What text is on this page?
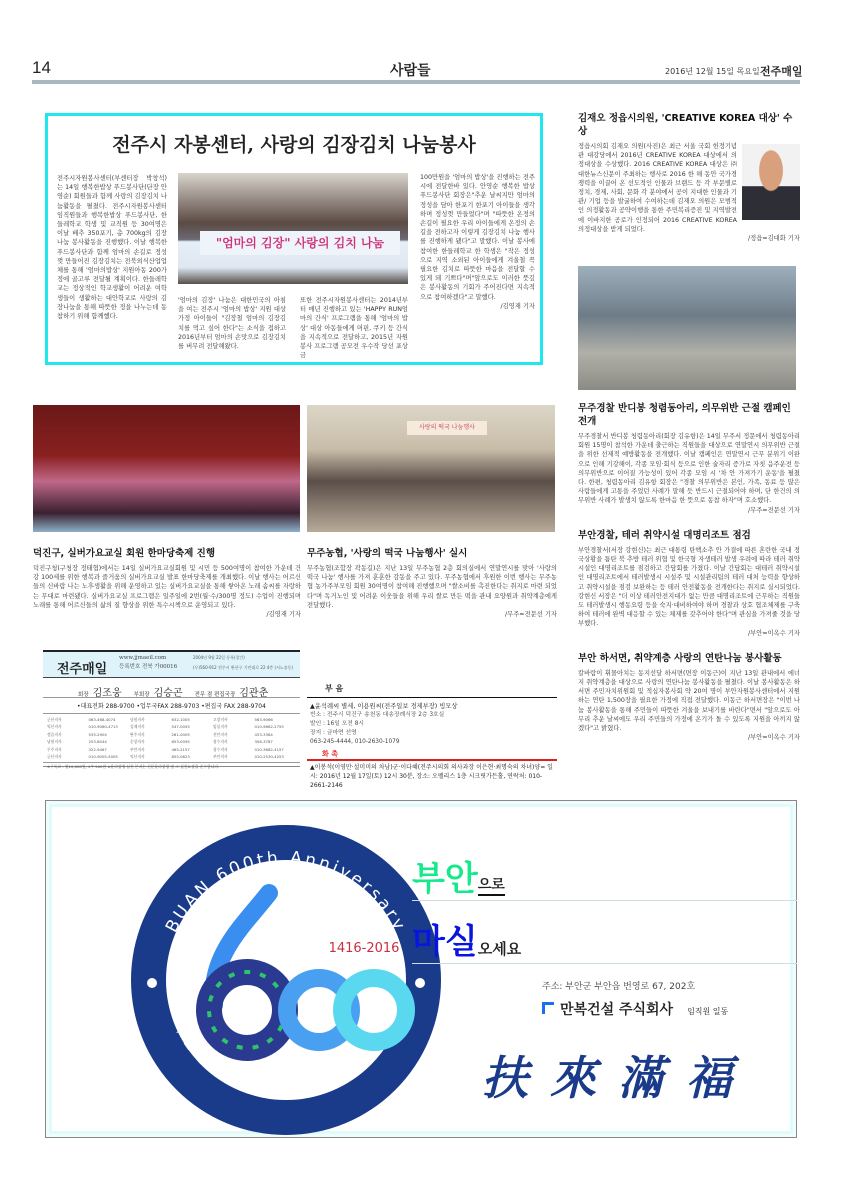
14	사람들	2016년 12월 15일 목요일 전주매일
전주시 자봉센터, 사랑의 김장김치 나눔봉사
전주시자원봉사센터(부센터장 박창석)는 14일 행복한밥상 푸드봉사단(단장 안영순) 회원들과 함께 사랑의 김장김치 나눔활동을 펼쳤다. 전주시자원봉사센터 임직원들과 행복한밥상 푸드봉사단, 한들레학교 학생 및 교직원 등 30여명은 이날 배추 350포기, 총 700kg의 김장나눔 봉사활동을 진행했다. 이날 행복한푸드봉사단과 함께 엄마의 손길로 정성껏 만들어진 김장김치는 전북외식산업업체를 통해 '엄마의밥상' 지원아동 200가정에 골고루 전달될 계획이다. 한들레학교는 정상적인 학교생활이 어려운 여학생들이 생활하는 대안학교로 사랑의 김장나눔을 통해 따뜻한 정을 나누는데 동참하기 위해 함께했다.
"엄마의 김장" 사랑의 김치 나눔
'엄마의 김장' 나눔은 대한민국의 아침을 여는 전주시 '엄마의 밥상' 지원 대상 가정 아이들이 "김장철 엄마의 김장김치를 먹고 싶어 한다"는 소식을 접하고 2016년부터 엄마의 손맛으로 김장김치를 버무려 전달해왔다.
또한 전주시자원봉사센터는 2014년부터 매년 진행하고 있는 'HAPPY RUN엄마의 간식' 프로그램을 통해 '엄마의 밥상' 대상 아동들에게 머핀, 쿠키 등 간식을 지속적으로 전달하고, 2015년 자원봉사 프로그램 공모전 우수작 당선 포상금
100만원을 '엄마의 밥상'을 진행하는 전주시에 전달한바 있다. 안영순 행복한 밥상 푸드봉사단 회장은"추운 날씨지만 엄마의 정성을 담아 한포기 한포기 아이들을 생각하며 정성껏 만들었다"며 "따뜻한 온정의 손길이 필요한 우리 아이들에게 온정의 손길을 전하고자 이렇게 김장김치 나눔 행사를 진행하게 됐다"고 말했다. 이날 봉사에 참여한 한들레학교 한 학생은 "작은 정성으로 지역 소외된 아이들에게 겨울철 꼭 필요한 김치로 따뜻한 마음을 전달할 수 있게 돼 기쁘다"며"앞으로도 이러한 뜻깊은 봉사활동의 기회가 주어진다면 지속적으로 참여하겠다"고 말했다.
/김영재 기자
김재오 정읍시의원, 'CREATIVE KOREA 대상' 수상
정읍시의회 김재오 의원(사진)은 최근 서울 국회 헌정기념관 대강당에서 2016년 CREATIVE KOREA 대상에서 의정대상을 수상했다. 2016 CREATIVE KOREA 대상은 ㈜대한뉴스신문이 주최하는 행사로 2016 한 해 동안 국가경쟁력을 이끌어 온 선도적인 인물과 브랜드 등 각 부문별로 정치, 경제, 사회, 문화 각 분야에서 공이 지대한 인물과 기관/ 기업 등을 발굴하여 수여하는데 김재오 의원은 모범적인 의정활동과 공약이행을 통한 주민복리증진 및 지역발전에 이바지한 공로가 인정되어 2016 CREATIVE KOREA 의정대상을 받게 되었다.
/정읍=김대화 기자
무주경찰 반디봉 청렴동아리, 의무위반 근절 캠페인 전개
무주경찰서 반디봉 청렴동아리(회장 김유항)은 14일 무주서 정문에서 청렴동아리 회원 15명이 참석한 가운데 출근하는 직원들을 대상으로 연말연시 의무위반 근절을 위한 선제적 예방활동을 전개했다. 이날 캠페인은 연말연시 근무 분위기 이완으로 인해 기강해이, 각종 모임·회식 등으로 인한 술자리 증가로 자칫 음주운전 등 의무위반으로 이어질 가능성이 있어 각종 모임 시 '차 안 가져가기 운동'을 펼쳤다. 한편, 청렴동아리 김유항 회장은 "경찰 의무위반은 본인, 가족, 동료 등 많은 사람들에게 고통을 주었던 사례가 말해 듯 반드시 근절되어야 하며, 단 한건의 의무위반 사례가 발생치 않도록 한마음 한 뜻으로 동참 하자"며 호소했다.
/무주=전문선 기자
부안경찰, 테러 취약시설 대명리조트 점검
부안경찰서(서장 강현신)는 최근 대통령 탄핵소추 안 가결에 따른 혼란한 국내 정국상황을 틈탄 북 추방 테러 위협 및 한국형 자생테러 발생 우려에 따라 테러 취약시설인 대명리조트를 점검하고 간담회를 가졌다. 이날 간담회는 대테러 취약시설인 대명리조트에서 테러발생시 시설주 및 시설관리팀의 테러 대처 능력을 향상하고 취약시설을 점검 보완하는 등 테러 안전활동을 전개한다는 취지로 실시되었다. 강현신 서장은 "더 이상 테러안전지대가 없는 만큼 대명리조트에 근무하는 직원들도 테러발생시 행동요령 등을 숙지·대비하여야 하며 경찰과 상호 협조체제를 구축하여 테러에 완벽 대응할 수 있는 체제를 갖추어야 한다"며 관심을 가져줄 것을 당부했다.
/부안=이옥수 기자
부안 하서면, 취약계층 사랑의 연탄나눔 봉사활동
칼바람이 휘몰아치는 동지선달 하서면(면장 이동근)이 지난 13일 관내에서 에너지 취약계층을 대상으로 사랑의 연탄나눔 봉사활동을 펼쳤다. 이날 봉사활동은 하서면 주민자치위원회 및 적십자봉사회 약 20여 명이 부안자원봉사센터에서 지원하는 연탄 1,500장을 필요한 가정에 직접 전달했다. 이동근 하서면장은 "이번 나눔 봉사활동을 통해 주민들이 따뜻한 겨울을 보내기를 바란다"면서 "앞으로도 아무리 추운 날씨에도 우리 주민들의 가정에 온기가 돌 수 있도록 지원을 아끼지 않겠다"고 밝혔다.
/부안=이옥수 기자
사랑의 떡국 나눔행사
덕진구, 실버가요교실 회원 한마당축제 진행
덕진구청(구청장 정태협)에서는 14일 실버가요교실회원 및 시민 등 500여명이 참여한 가운데 건강 100세를 위한 행복과 즐거움의 실버가요교실 발표 한마당축제를 개최했다. 이날 행사는 어르신들의 신바람 나는 노후생활을 위해 운영하고 있는 실버가요교실을 통해 쌓아온 노래 솜씨를 자랑하는 무대로 마련됐다. 실버가요교실 프로그램은 일주일에 2번(월·수/300명 정도) 수업이 진행되며 노래를 통해 어르신들의 삶의 질 향상을 위한 특수시책으로 운영되고 있다.
/김영재 기자
무주농협, '사랑의 떡국 나눔행사' 실시
무주농협(조합장 곽동길)은 지난 13일 무주농협 2층 회의실에서 연말연시를 맞아 '사랑의 떡국 나눔' 행사를 가져 훈훈한 감동을 주고 있다. 무주농협에서 후원한 이번 행사는 무주농협 농가주부모임 회원 30여명이 참여해 진행했으며 "쌀소비를 촉진한다는 취지로 마련 되었다"며 독거노인 및 어려운 이웃들을 위해 우리 쌀로 만든 떡을 관내 요양원과 취약계층에게 전달했다.
/무주=전문선 기자
전주매일
www.jjmaeil.com
등록번호 전북 가00016
2004년 9월 22일 등록(창간)
(우)560-912 전주시 완산구 기린대로 22 4층 (서노송동)
회장 김조웅 부회장 김승곤 전무 겸 편집국장 김관춘
•대표전화 288-9700 •업무국FAX 288-9703 •편집국 FAX 288-9704
군산지사	063-468-4074	남원지사	632-1005	고창지사	563-9066
익산지사	010-9060-4713	김제지사	547-0055	임실지사	010-9662-2755
정읍지사	535-2904	완주지사	261-0005	진안지사	433-3364
남원지사	253-8044	순창지사	653-0095	장수지사	356-3787
무주지사	322-9467	부안지사	465-2157	장수지사	010-3682-4157
군산지사	010-9005-5005	익산지사	855-0823	부안지사	010-2530-4253
※구독료 : 월10,000원, 1부 500원 ※윤리강령 실천 본지는 신문윤리강령 및 그 실천요강을 준수합니다.
부 음
▲윤석례씨 별세, 이용원씨(전주일보 경제부장) 빙모상
빈소 : 전주시 덕진구 송천동 대송장례식장 2층 3호실
발인 : 16일 오전 8시
장지 : 금마면 선영
063-245-4444, 010-2630-1079
화 촉
▲이봉석(이영만·설미미의 차남)군·이다혜(전주시의회 의사과장 이은현·최명숙의 차녀)양= 일시: 2016년 12월 17일(토) 12시 30분, 장소: 오펠리스 1층 시크릿가든홀, 연락처: 010-2661-2146
BUAN 600th Anniversary
부안 정명 600주년 행복부안! 천년도약!
1416-2016
부안 으로
마실 오세요
주소: 부안군 부안읍 번영로 67, 202호
만복건설 주식회사 임직원 일동
扶來滿福
